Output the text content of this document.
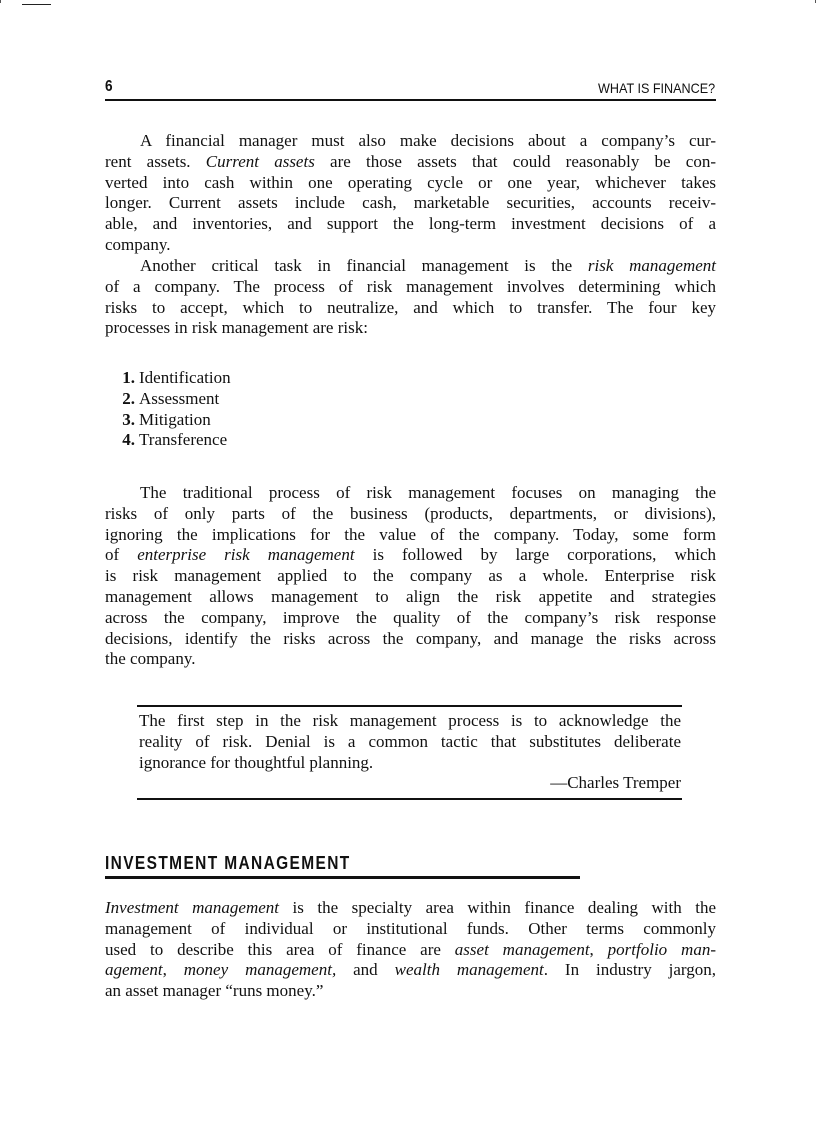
6	WHAT IS FINANCE?
A financial manager must also make decisions about a company’s cur-
rent assets. Current assets are those assets that could reasonably be con-
verted into cash within one operating cycle or one year, whichever takes
longer. Current assets include cash, marketable securities, accounts receiv-
able, and inventories, and support the long-term investment decisions of a
company.
Another critical task in financial management is the risk management
of a company. The process of risk management involves determining which
risks to accept, which to neutralize, and which to transfer. The four key
processes in risk management are risk:
1. Identification
2. Assessment
3. Mitigation
4. Transference
The traditional process of risk management focuses on managing the
risks of only parts of the business (products, departments, or divisions),
ignoring the implications for the value of the company. Today, some form
of enterprise risk management is followed by large corporations, which
is risk management applied to the company as a whole. Enterprise risk
management allows management to align the risk appetite and strategies
across the company, improve the quality of the company’s risk response
decisions, identify the risks across the company, and manage the risks across
the company.
The first step in the risk management process is to acknowledge the
reality of risk. Denial is a common tactic that substitutes deliberate
ignorance for thoughtful planning.
—Charles Tremper
INVESTMENT MANAGEMENT
Investment management is the specialty area within finance dealing with the
management of individual or institutional funds. Other terms commonly
used to describe this area of finance are asset management, portfolio man-
agement, money management, and wealth management. In industry jargon,
an asset manager “runs money.”
